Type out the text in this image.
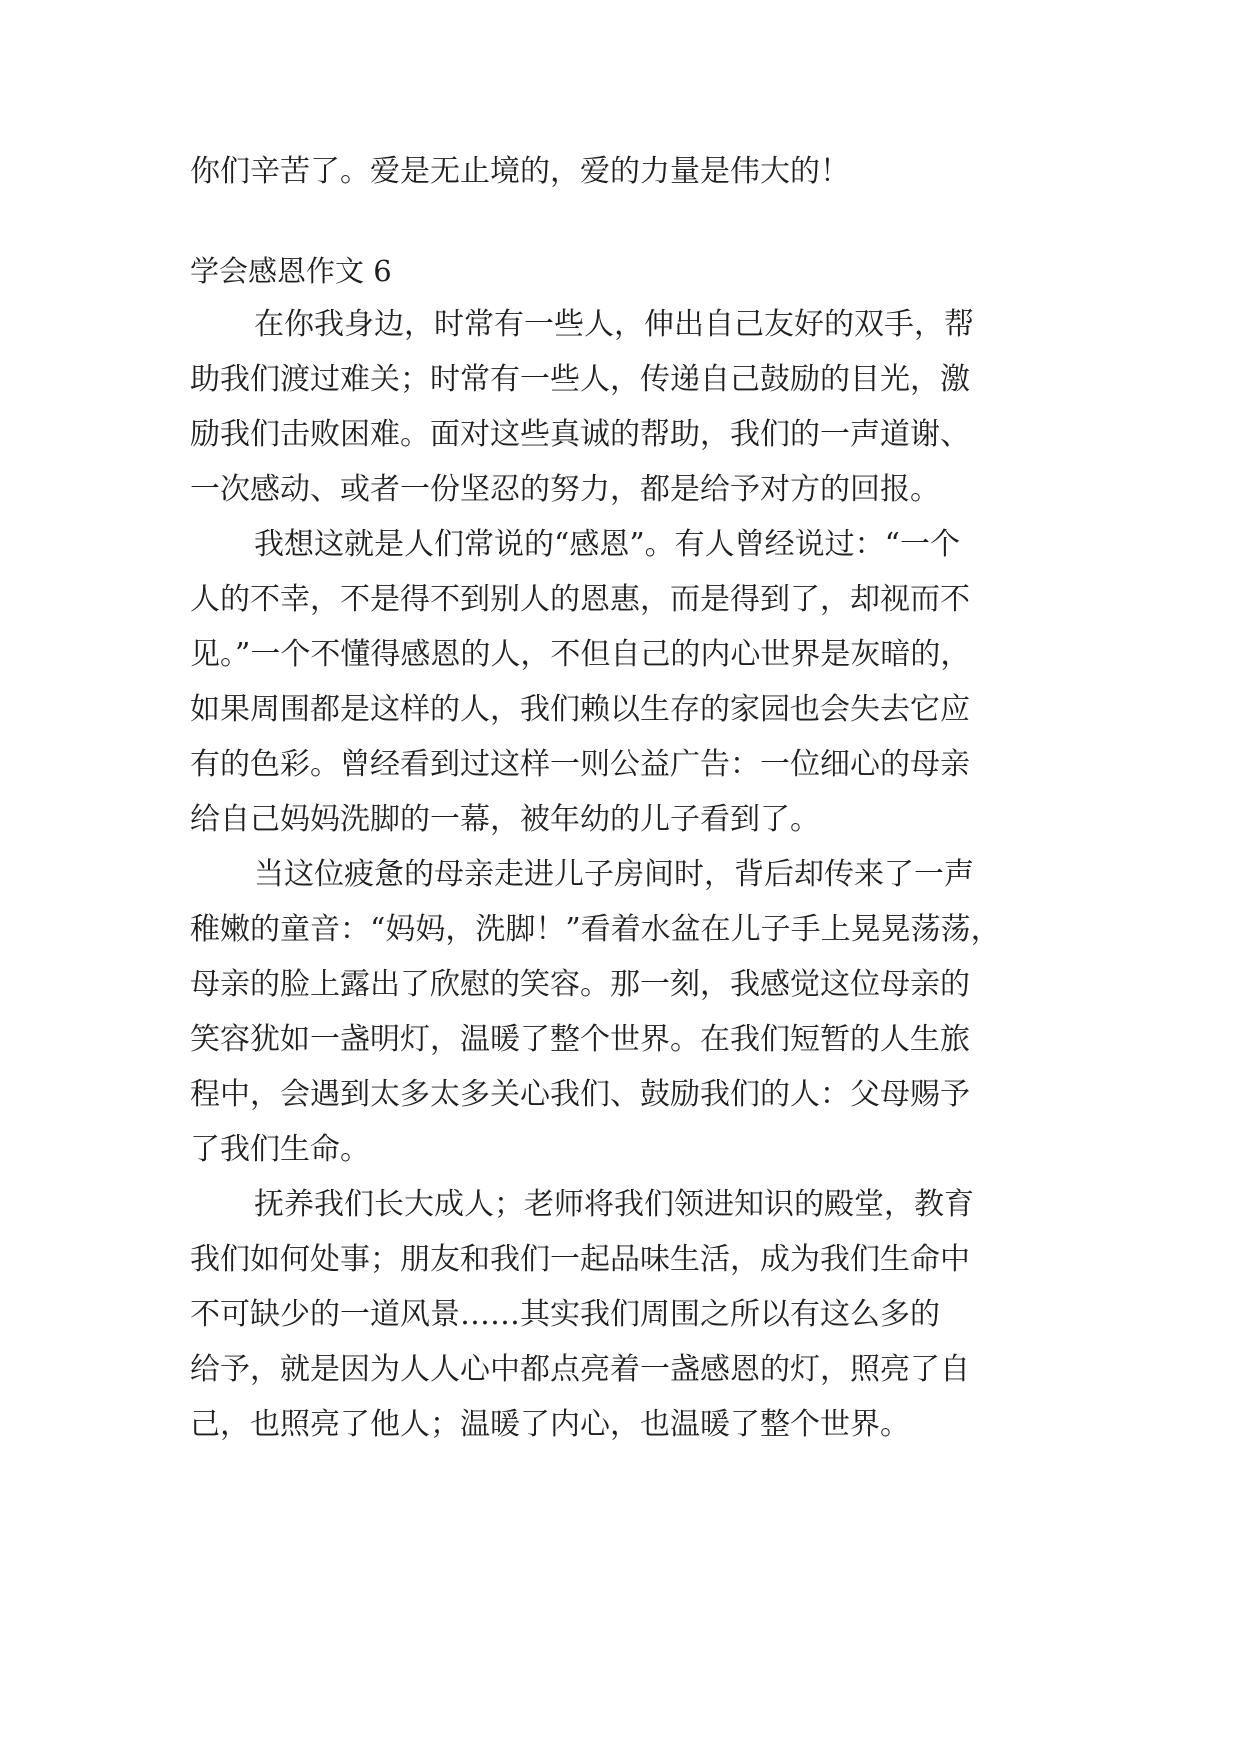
你们辛苦了。爱是无止境的，爱的力量是伟大的！
学会感恩作文 6
在你我身边，时常有一些人，伸出自己友好的双手，帮
助我们渡过难关；时常有一些人，传递自己鼓励的目光，激
励我们击败困难。面对这些真诚的帮助，我们的一声道谢、
一次感动、或者一份坚忍的努力，都是给予对方的回报。
我想这就是人们常说的“感恩”。有人曾经说过：“一个
人的不幸，不是得不到别人的恩惠，而是得到了，却视而不
见。”一个不懂得感恩的人，不但自己的内心世界是灰暗的，
如果周围都是这样的人，我们赖以生存的家园也会失去它应
有的色彩。曾经看到过这样一则公益广告：一位细心的母亲
给自己妈妈洗脚的一幕，被年幼的儿子看到了。
当这位疲惫的母亲走进儿子房间时，背后却传来了一声
稚嫩的童音：“妈妈，洗脚！”看着水盆在儿子手上晃晃荡荡，
母亲的脸上露出了欣慰的笑容。那一刻，我感觉这位母亲的
笑容犹如一盏明灯，温暖了整个世界。在我们短暂的人生旅
程中，会遇到太多太多关心我们、鼓励我们的人：父母赐予
了我们生命。
抚养我们长大成人；老师将我们领进知识的殿堂，教育
我们如何处事；朋友和我们一起品味生活，成为我们生命中
不可缺少的一道风景……其实我们周围之所以有这么多的
给予，就是因为人人心中都点亮着一盏感恩的灯，照亮了自
己，也照亮了他人；温暖了内心，也温暖了整个世界。
